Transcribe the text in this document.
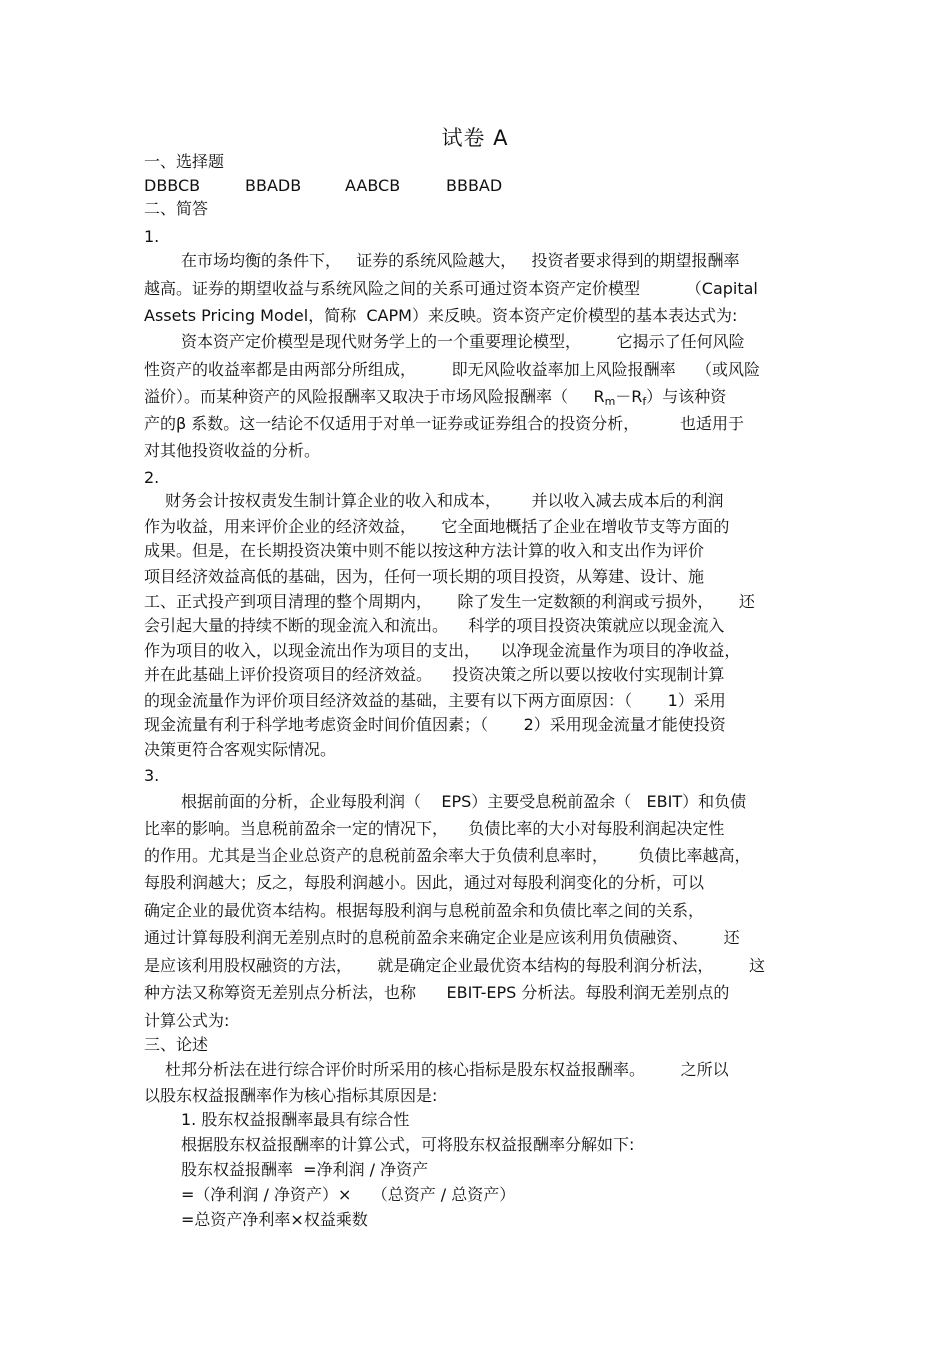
试卷 A

一、选择题

DBBCB	BBADB	AABCB	BBBAD

二、简答

1.

在市场均衡的条件下，   证券的系统风险越大，   投资者要求得到的期望报酬率

越高。证券的期望收益与系统风险之间的关系可通过资本资产定价模型         （Capital

Assets Pricing Model，简称  CAPM）来反映。资本资产定价模型的基本表达式为:

资本资产定价模型是现代财务学上的一个重要理论模型，       它揭示了任何风险

性资产的收益率都是由两部分所组成，       即无风险收益率加上风险报酬率    （或风险

溢价）。而某种资产的风险报酬率又取决于市场风险报酬率（ $R_m-R_f$）与该种资

产的β 系数。这一结论不仅适用于对单一证券或证券组合的投资分析，        也适用于

对其他投资收益的分析。

2.

财务会计按权责发生制计算企业的收入和成本，      并以收入减去成本后的利润

作为收益，用来评价企业的经济效益，     它全面地概括了企业在增收节支等方面的

成果。但是，在长期投资决策中则不能以按这种方法计算的收入和支出作为评价

项目经济效益高低的基础，因为，任何一项长期的项目投资，从筹建、设计、施

工、正式投产到项目清理的整个周期内，     除了发生一定数额的利润或亏损外，     还

会引起大量的持续不断的现金流入和流出。    科学的项目投资决策就应以现金流入

作为项目的收入，以现金流出作为项目的支出，    以净现金流量作为项目的净收益，

并在此基础上评价投资项目的经济效益。    投资决策之所以要以按收付实现制计算

的现金流量作为评价项目经济效益的基础，主要有以下两方面原因：（       1）采用

现金流量有利于科学地考虑资金时间价值因素；（       2）采用现金流量才能使投资

决策更符合客观实际情况。

3.

根据前面的分析，企业每股利润（    EPS）主要受息税前盈余（   EBIT）和负债

比率的影响。当息税前盈余一定的情况下，    负债比率的大小对每股利润起决定性

的作用。尤其是当企业总资产的息税前盈余率大于负债利息率时，      负债比率越高，

每股利润越大；反之，每股利润越小。因此，通过对每股利润变化的分析，可以

确定企业的最优资本结构。根据每股利润与息税前盈余和负债比率之间的关系，

通过计算每股利润无差别点时的息税前盈余来确定企业是应该利用负债融资、       还

是应该利用股权融资的方法，     就是确定企业最优资本结构的每股利润分析法，       这

种方法又称筹资无差别点分析法，也称      EBIT-EPS 分析法。每股利润无差别点的

计算公式为:

三、论述

杜邦分析法在进行综合评价时所采用的核心指标是股东权益报酬率。       之所以

以股东权益报酬率作为核心指标其原因是:

1. 股东权益报酬率最具有综合性

根据股东权益报酬率的计算公式，可将股东权益报酬率分解如下:

股东权益报酬率  =净利润 / 净资产

=（净利润 / 净资产）×    （总资产 / 总资产）

=总资产净利率×权益乘数
